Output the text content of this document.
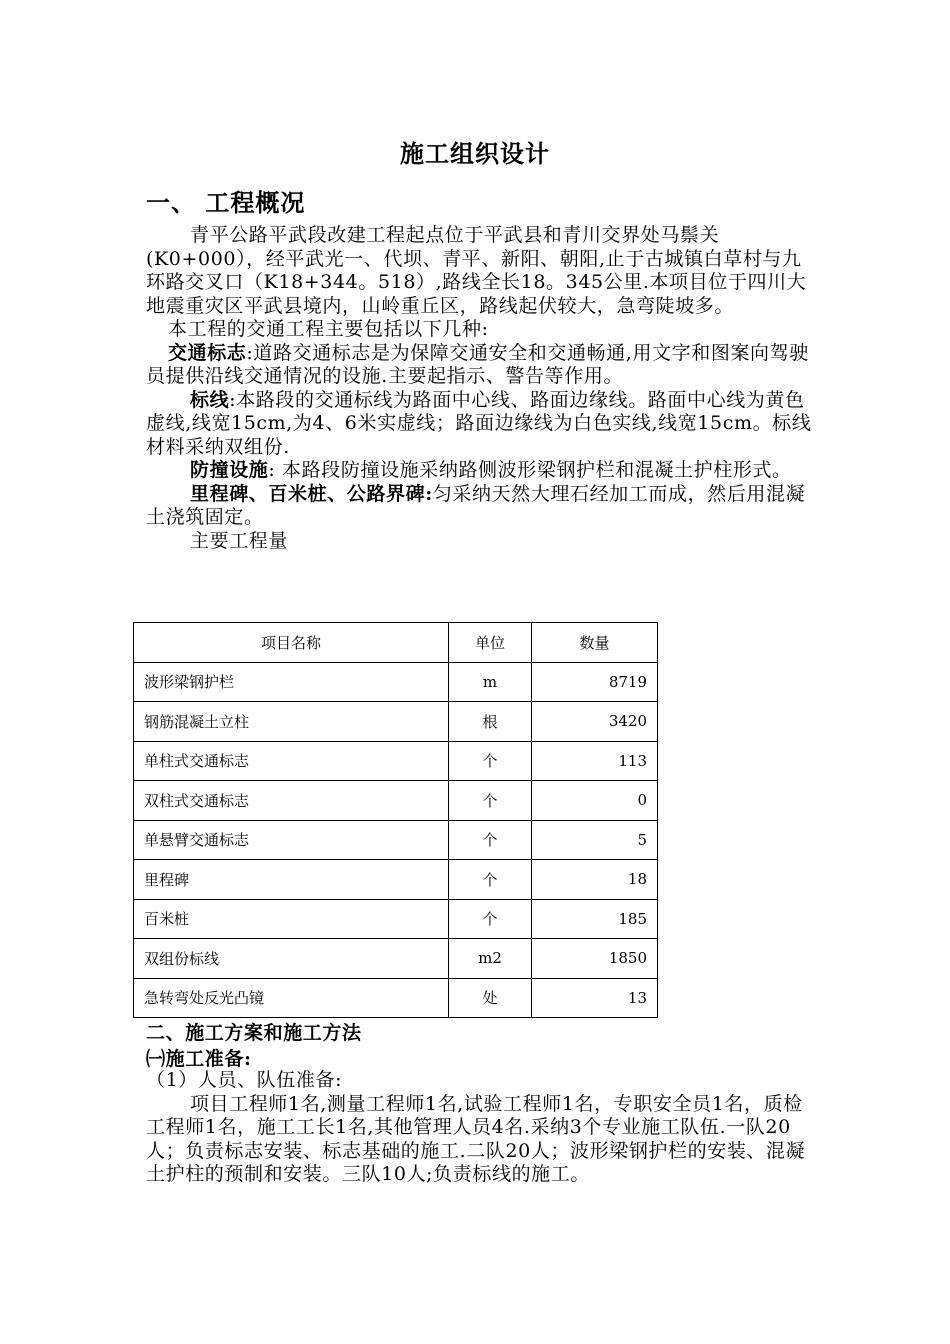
施工组织设计
一、 工程概况

青平公路平武段改建工程起点位于平武县和青川交界处马鬃关(K0+000），经平武光一、代坝、青平、新阳、朝阳,止于古城镇白草村与九环路交叉口（K18+344。518）,路线全长18。345公里.本项目位于四川大地震重灾区平武县境内，山岭重丘区，路线起伏较大，急弯陡坡多。

本工程的交通工程主要包括以下几种:

交通标志:道路交通标志是为保障交通安全和交通畅通,用文字和图案向驾驶员提供沿线交通情况的设施.主要起指示、警告等作用。

标线:本路段的交通标线为路面中心线、路面边缘线。路面中心线为黄色虚线,线宽15cm,为4、6米实虚线；路面边缘线为白色实线,线宽15cm。标线材料采纳双组份.

防撞设施: 本路段防撞设施采纳路侧波形梁钢护栏和混凝土护柱形式。

里程碑、百米桩、公路界碑:匀采纳天然大理石经加工而成，然后用混凝土浇筑固定。

主要工程量

项目名称	单位	数量
波形梁钢护栏	m	8719
钢筋混凝土立柱	根	3420
单柱式交通标志	个	113
双柱式交通标志	个	0
单悬臂交通标志	个	5
里程碑	个	18
百米桩	个	185
双组份标线	m2	1850
急转弯处反光凸镜	处	13
二、施工方案和施工方法
㈠施工准备:

（1）人员、队伍准备:

项目工程师1名,测量工程师1名,试验工程师1名，专职安全员1名，质检工程师1名，施工工长1名,其他管理人员4名.采纳3个专业施工队伍.一队20人；负责标志安装、标志基础的施工.二队20人；波形梁钢护栏的安装、混凝土护柱的预制和安装。三队10人;负责标线的施工。
